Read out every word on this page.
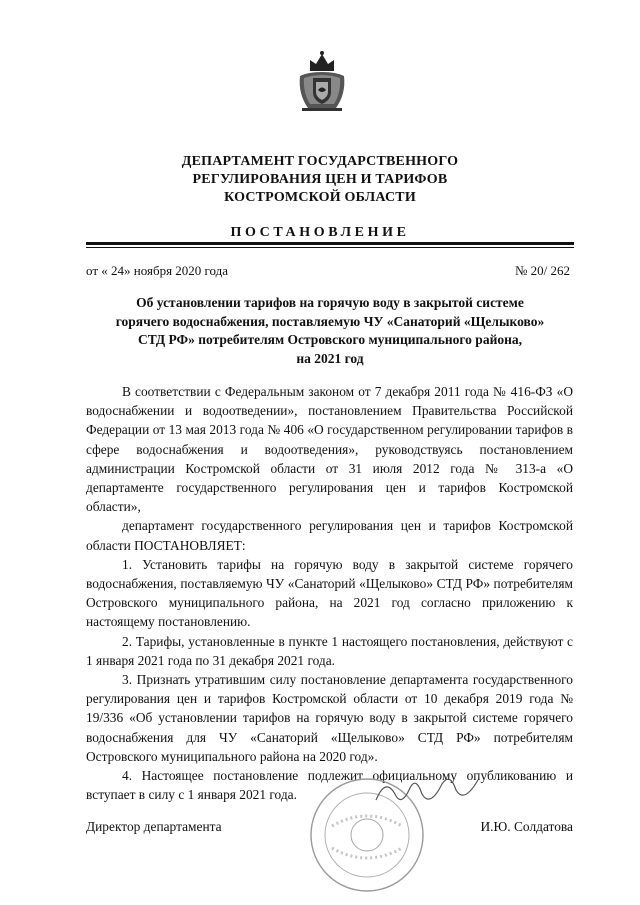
ДЕПАРТАМЕНТ ГОСУДАРСТВЕННОГО
РЕГУЛИРОВАНИЯ ЦЕН И ТАРИФОВ
КОСТРОМСКОЙ ОБЛАСТИ
ПОСТАНОВЛЕНИЕ
от « 24» ноября 2020 года	№ 20/ 262
Об установлении тарифов на горячую воду в закрытой системе
горячего водоснабжения, поставляемую ЧУ «Санаторий «Щелыково»
СТД РФ» потребителям Островского муниципального района,
на 2021 год

В соответствии с Федеральным законом от 7 декабря 2011 года № 416-ФЗ «О водоснабжении и водоотведении», постановлением Правительства Российской Федерации от 13 мая 2013 года № 406 «О государственном регулировании тарифов в сфере водоснабжения и водоотведения», руководствуясь постановлением администрации Костромской области от 31 июля 2012 года № 313-а «О департаменте государственного регулирования цен и тарифов Костромской области»,

департамент государственного регулирования цен и тарифов Костромской области ПОСТАНОВЛЯЕТ:

1. Установить тарифы на горячую воду в закрытой системе горячего водоснабжения, поставляемую ЧУ «Санаторий «Щелыково» СТД РФ» потребителям Островского муниципального района, на 2021 год согласно приложению к настоящему постановлению.

2. Тарифы, установленные в пункте 1 настоящего постановления, действуют с 1 января 2021 года по 31 декабря 2021 года.

3. Признать утратившим силу постановление департамента государственного регулирования цен и тарифов Костромской области от 10 декабря 2019 года № 19/336 «Об установлении тарифов на горячую воду в закрытой системе горячего водоснабжения для ЧУ «Санаторий «Щелыково» СТД РФ» потребителям Островского муниципального района на 2020 год».

4. Настоящее постановление подлежит официальному опубликованию и вступает в силу с 1 января 2021 года.

Директор департамента	И.Ю. Солдатова
